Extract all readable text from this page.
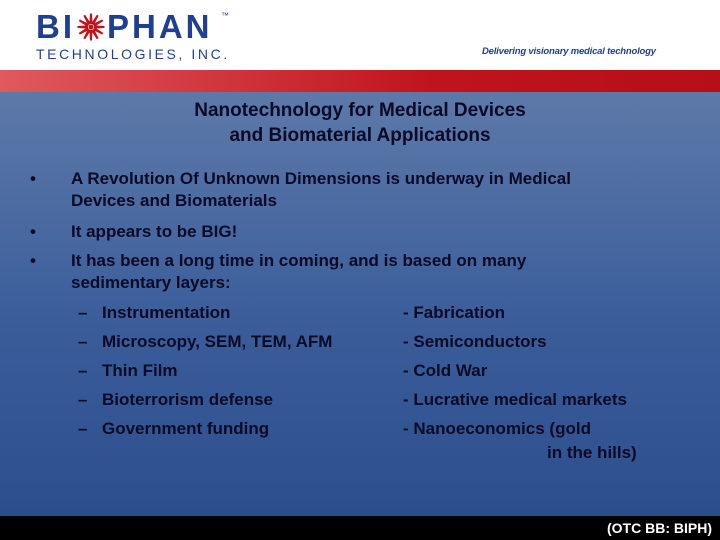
BI PHAN ™
TECHNOLOGIES, INC.	Delivering visionary medical technology
Nanotechnology for Medical Devices
and Biomaterial Applications
• A Revolution Of Unknown Dimensions is underway in Medical
Devices and Biomaterials
• It appears to be BIG!
• It has been a long time in coming, and is based on many
sedimentary layers:
– Instrumentation	- Fabrication
– Microscopy, SEM, TEM, AFM	- Semiconductors
– Thin Film	- Cold War
– Bioterrorism defense	- Lucrative medical markets
– Government funding	- Nanoeconomics (gold
in the hills)
(OTC BB: BIPH)
